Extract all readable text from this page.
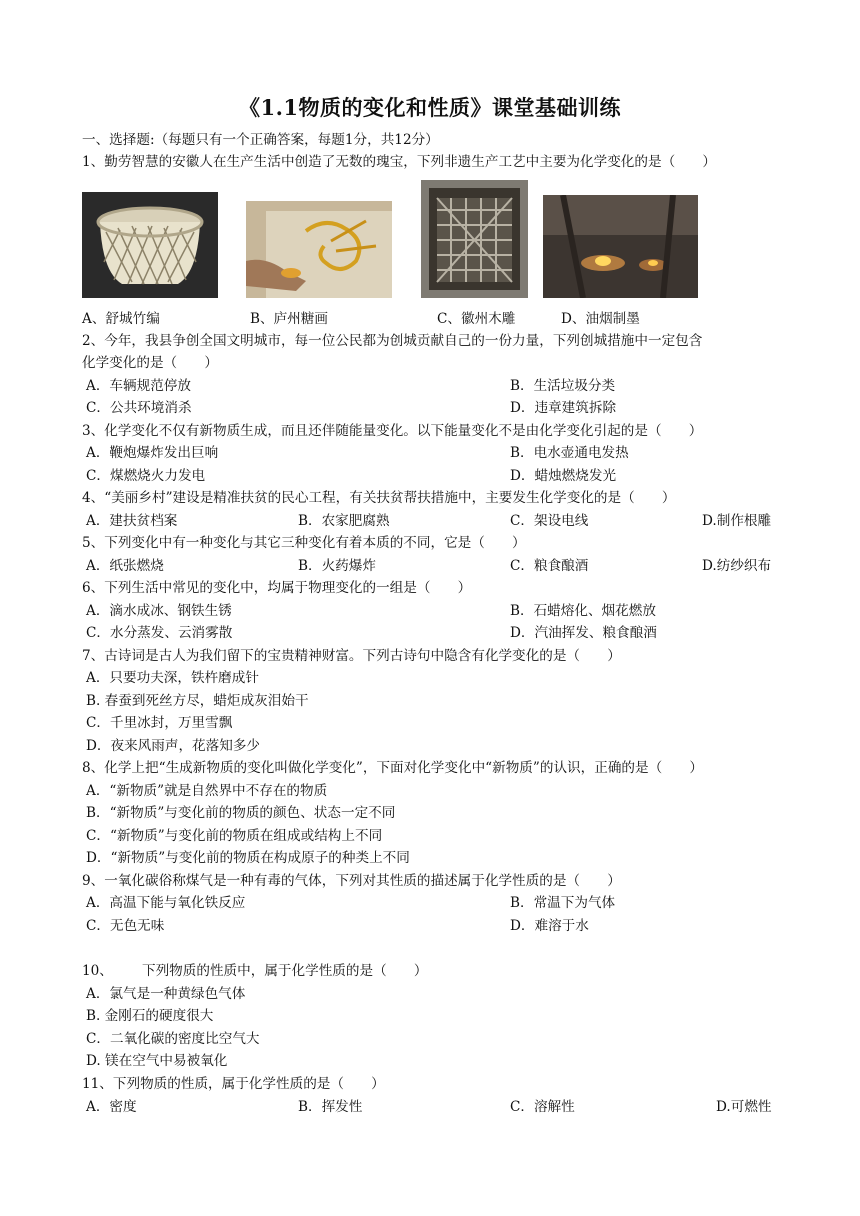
《1.1物质的变化和性质》课堂基础训练
一、选择题:（每题只有一个正确答案，每题1分，共12分）
1、勤劳智慧的安徽人在生产生活中创造了无数的瑰宝，下列非遗生产工艺中主要为化学变化的是（　　）
A、舒城竹编	B、庐州糖画	C、徽州木雕	D、油烟制墨
2、今年，我县争创全国文明城市，每一位公民都为创城贡献自己的一份力量，下列创城措施中一定包含
化学变化的是（　　）
A．车辆规范停放	B．生活垃圾分类
C．公共环境消杀	D．违章建筑拆除
3、化学变化不仅有新物质生成，而且还伴随能量变化。以下能量变化不是由化学变化引起的是（　　）
A．鞭炮爆炸发出巨响	B．电水壶通电发热
C．煤燃烧火力发电	D．蜡烛燃烧发光
4、“美丽乡村”建设是精准扶贫的民心工程，有关扶贫帮扶措施中，主要发生化学变化的是（　　）
A．建扶贫档案	B．农家肥腐熟	C．架设电线	D.制作根雕
5、下列变化中有一种变化与其它三种变化有着本质的不同，它是（　　）
A．纸张燃烧	B．火药爆炸	C．粮食酿酒	D.纺纱织布
6、下列生活中常见的变化中，均属于物理变化的一组是（　　）
A．滴水成冰、钢铁生锈	B．石蜡熔化、烟花燃放
C．水分蒸发、云消雾散	D．汽油挥发、粮食酿酒
7、古诗词是古人为我们留下的宝贵精神财富。下列古诗句中隐含有化学变化的是（　　）
A．只要功夫深，铁杵磨成针
B. 春蚕到死丝方尽，蜡炬成灰泪始干
C．千里冰封，万里雪飘
D．夜来风雨声，花落知多少
8、化学上把“生成新物质的变化叫做化学变化”，下面对化学变化中“新物质”的认识，正确的是（　　）
A．“新物质”就是自然界中不存在的物质
B．“新物质”与变化前的物质的颜色、状态一定不同
C．“新物质”与变化前的物质在组成或结构上不同
D．“新物质”与变化前的物质在构成原子的种类上不同
9、一氧化碳俗称煤气是一种有毒的气体，下列对其性质的描述属于化学性质的是（　　）
A．高温下能与氧化铁反应	B．常温下为气体
C．无色无味	D．难溶于水
10、 下列物质的性质中，属于化学性质的是（　　）
A．氯气是一种黄绿色气体
B. 金刚石的硬度很大
C．二氧化碳的密度比空气大
D. 镁在空气中易被氧化
11、下列物质的性质，属于化学性质的是（　　）
A．密度	B．挥发性	C．溶解性	D.可燃性
